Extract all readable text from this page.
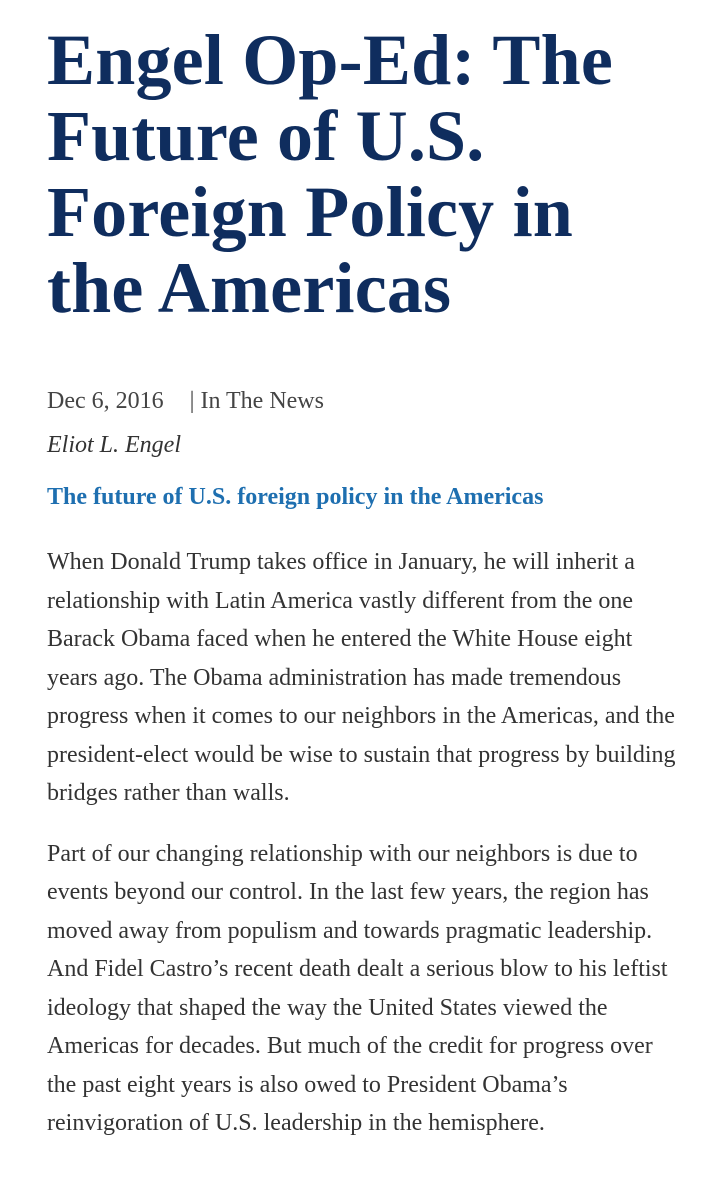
Engel Op-Ed: The Future of U.S. Foreign Policy in the Americas
Dec 6, 2016 | In The News
Eliot L. Engel
The future of U.S. foreign policy in the Americas

When Donald Trump takes office in January, he will inherit a relationship with Latin America vastly different from the one Barack Obama faced when he entered the White House eight years ago. The Obama administration has made tremendous progress when it comes to our neighbors in the Americas, and the president-elect would be wise to sustain that progress by building bridges rather than walls.

Part of our changing relationship with our neighbors is due to events beyond our control. In the last few years, the region has moved away from populism and towards pragmatic leadership. And Fidel Castro’s recent death dealt a serious blow to his leftist ideology that shaped the way the United States viewed the Americas for decades. But much of the credit for progress over the past eight years is also owed to President Obama’s reinvigoration of U.S. leadership in the hemisphere.
